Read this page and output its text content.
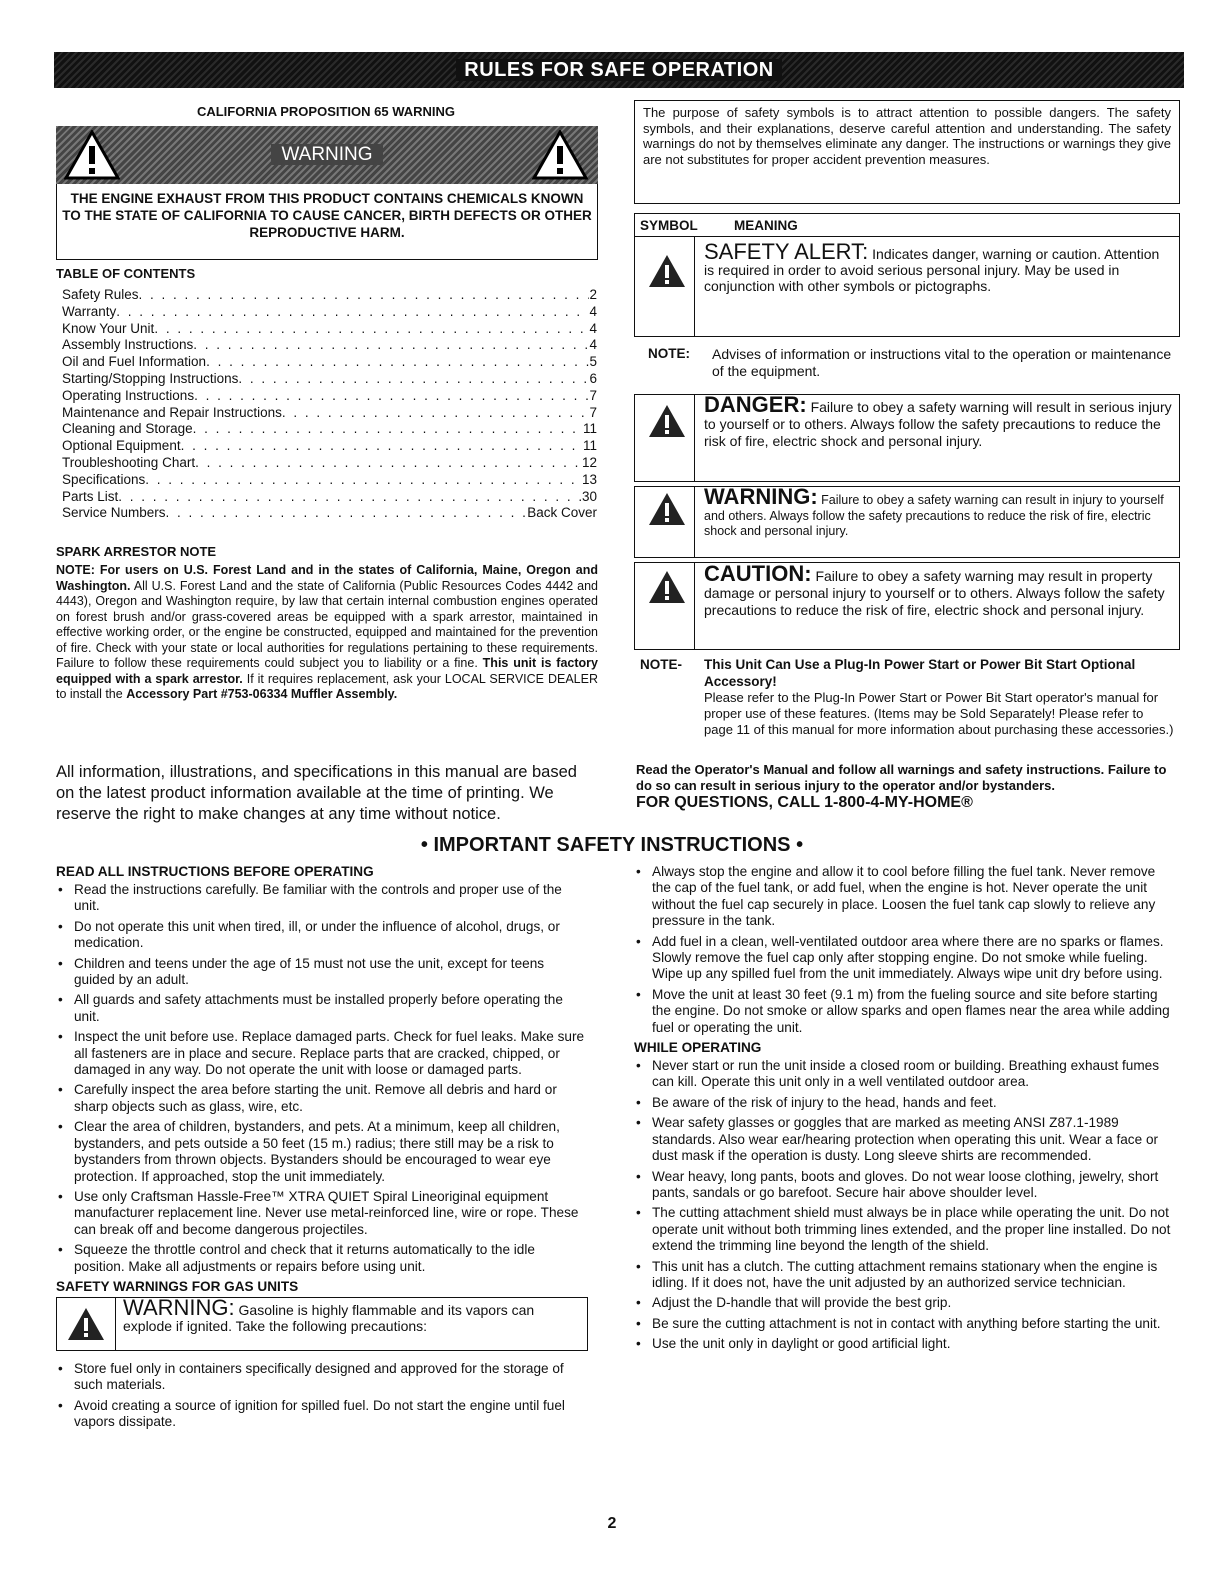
RULES FOR SAFE OPERATION
CALIFORNIA PROPOSITION 65 WARNING
WARNING
THE ENGINE EXHAUST FROM THIS PRODUCT CONTAINS CHEMICALS KNOWN TO THE STATE OF CALIFORNIA TO CAUSE CANCER, BIRTH DEFECTS OR OTHER REPRODUCTIVE HARM.
TABLE OF CONTENTS
Safety Rules . . .	2
Warranty . . .	4
Know Your Unit . . .	4
Assembly Instructions . . .	4
Oil and Fuel Information . . .	5
Starting/Stopping Instructions . . .	6
Operating Instructions . . .	7
Maintenance and Repair Instructions . . .	7
Cleaning and Storage . . .	11
Optional Equipment . . .	11
Troubleshooting Chart . . .	12
Specifications . . .	13
Parts List . . .	30
Service Numbers . . .	Back Cover
SPARK ARRESTOR NOTE
NOTE: For users on U.S. Forest Land and in the states of California, Maine, Oregon and Washington. All U.S. Forest Land and the state of California (Public Resources Codes 4442 and 4443), Oregon and Washington require, by law that certain internal combustion engines operated on forest brush and/or grass-covered areas be equipped with a spark arrestor, maintained in effective working order, or the engine be constructed, equipped and maintained for the prevention of fire. Check with your state or local authorities for regulations pertaining to these requirements. Failure to follow these requirements could subject you to liability or a fine. This unit is factory equipped with a spark arrestor. If it requires replacement, ask your LOCAL SERVICE DEALER to install the Accessory Part #753-06334 Muffler Assembly.
All information, illustrations, and specifications in this manual are based on the latest product information available at the time of printing. We reserve the right to make changes at any time without notice.
The purpose of safety symbols is to attract attention to possible dangers. The safety symbols, and their explanations, deserve careful attention and understanding. The safety warnings do not by themselves eliminate any danger. The instructions or warnings they give are not substitutes for proper accident prevention measures.
SYMBOL	MEANING
SAFETY ALERT: Indicates danger, warning or caution. Attention is required in order to avoid serious personal injury. May be used in conjunction with other symbols or pictographs.
NOTE: Advises of information or instructions vital to the operation or maintenance of the equipment.
DANGER: Failure to obey a safety warning will result in serious injury to yourself or to others. Always follow the safety precautions to reduce the risk of fire, electric shock and personal injury.
WARNING: Failure to obey a safety warning can result in injury to yourself and others. Always follow the safety precautions to reduce the risk of fire, electric shock and personal injury.
CAUTION: Failure to obey a safety warning may result in property damage or personal injury to yourself or to others. Always follow the safety precautions to reduce the risk of fire, electric shock and personal injury.
NOTE- This Unit Can Use a Plug-In Power Start or Power Bit Start Optional Accessory!
Please refer to the Plug-In Power Start or Power Bit Start operator's manual for proper use of these features. (Items may be Sold Separately! Please refer to page 11 of this manual for more information about purchasing these accessories.)
Read the Operator's Manual and follow all warnings and safety instructions. Failure to do so can result in serious injury to the operator and/or bystanders.
FOR QUESTIONS, CALL 1-800-4-MY-HOME®
• IMPORTANT SAFETY INSTRUCTIONS •
READ ALL INSTRUCTIONS BEFORE OPERATING
• Read the instructions carefully. Be familiar with the controls and proper use of the unit.
• Do not operate this unit when tired, ill, or under the influence of alcohol, drugs, or medication.
• Children and teens under the age of 15 must not use the unit, except for teens guided by an adult.
• All guards and safety attachments must be installed properly before operating the unit.
• Inspect the unit before use. Replace damaged parts. Check for fuel leaks. Make sure all fasteners are in place and secure. Replace parts that are cracked, chipped, or damaged in any way. Do not operate the unit with loose or damaged parts.
• Carefully inspect the area before starting the unit. Remove all debris and hard or sharp objects such as glass, wire, etc.
• Clear the area of children, bystanders, and pets. At a minimum, keep all children, bystanders, and pets outside a 50 feet (15 m.) radius; there still may be a risk to bystanders from thrown objects. Bystanders should be encouraged to wear eye protection. If approached, stop the unit immediately.
• Use only Craftsman Hassle-Free™ XTRA QUIET Spiral Lineoriginal equipment manufacturer replacement line. Never use metal-reinforced line, wire or rope. These can break off and become dangerous projectiles.
• Squeeze the throttle control and check that it returns automatically to the idle position. Make all adjustments or repairs before using unit.
SAFETY WARNINGS FOR GAS UNITS
WARNING: Gasoline is highly flammable and its vapors can explode if ignited. Take the following precautions:
• Store fuel only in containers specifically designed and approved for the storage of such materials.
• Avoid creating a source of ignition for spilled fuel. Do not start the engine until fuel vapors dissipate.
• Always stop the engine and allow it to cool before filling the fuel tank. Never remove the cap of the fuel tank, or add fuel, when the engine is hot. Never operate the unit without the fuel cap securely in place. Loosen the fuel tank cap slowly to relieve any pressure in the tank.
• Add fuel in a clean, well-ventilated outdoor area where there are no sparks or flames. Slowly remove the fuel cap only after stopping engine. Do not smoke while fueling. Wipe up any spilled fuel from the unit immediately. Always wipe unit dry before using.
• Move the unit at least 30 feet (9.1 m) from the fueling source and site before starting the engine. Do not smoke or allow sparks and open flames near the area while adding fuel or operating the unit.
WHILE OPERATING
• Never start or run the unit inside a closed room or building. Breathing exhaust fumes can kill. Operate this unit only in a well ventilated outdoor area.
• Be aware of the risk of injury to the head, hands and feet.
• Wear safety glasses or goggles that are marked as meeting ANSI Z87.1-1989 standards. Also wear ear/hearing protection when operating this unit. Wear a face or dust mask if the operation is dusty. Long sleeve shirts are recommended.
• Wear heavy, long pants, boots and gloves. Do not wear loose clothing, jewelry, short pants, sandals or go barefoot. Secure hair above shoulder level.
• The cutting attachment shield must always be in place while operating the unit. Do not operate unit without both trimming lines extended, and the proper line installed. Do not extend the trimming line beyond the length of the shield.
• This unit has a clutch. The cutting attachment remains stationary when the engine is idling. If it does not, have the unit adjusted by an authorized service technician.
• Adjust the D-handle that will provide the best grip.
• Be sure the cutting attachment is not in contact with anything before starting the unit.
• Use the unit only in daylight or good artificial light.
2
